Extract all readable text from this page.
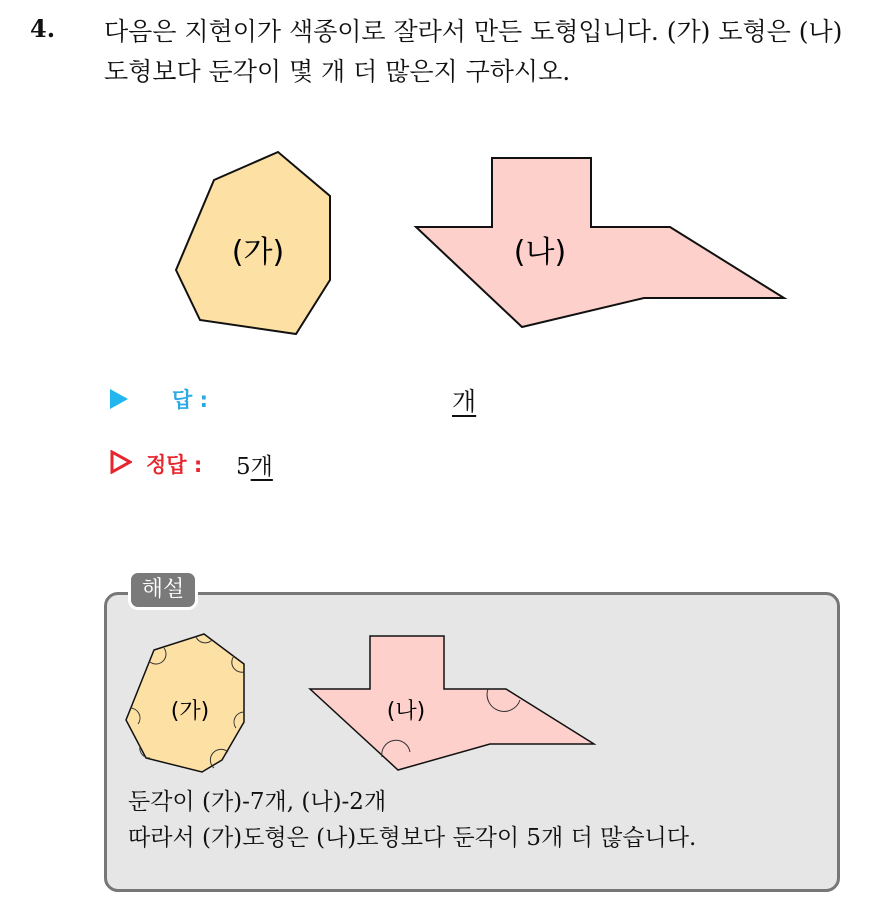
4. 다음은 지현이가 색종이로 잘라서 만든 도형입니다. (가) 도형은 (나)
도형보다 둔각이 몇 개 더 많은지 구하시오.
(가)	(나)
답 :	개
정답 : 5개
해설
(가)	(나)
둔각이 (가)-7개, (나)-2개
따라서 (가)도형은 (나)도형보다 둔각이 5개 더 많습니다.
